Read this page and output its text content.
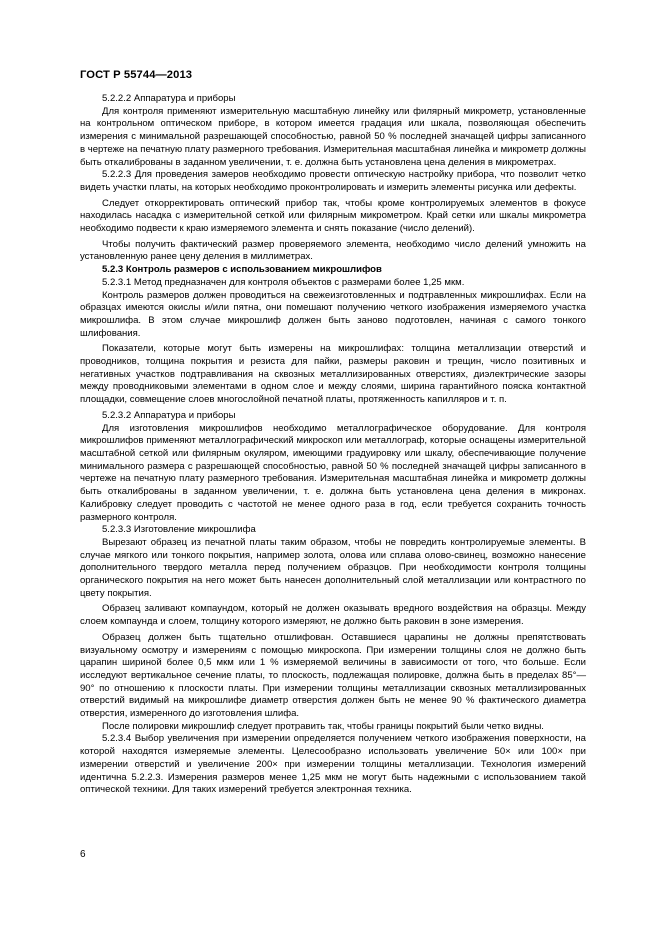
ГОСТ Р 55744—2013

5.2.2.2 Аппаратура и приборы

Для контроля применяют измерительную масштабную линейку или филярный микрометр, установленные на контрольном оптическом приборе, в котором имеется градация или шкала, позволяющая обеспечить измерения с минимальной разрешающей способностью, равной 50 % последней значащей цифры записанного в чертеже на печатную плату размерного требования. Измерительная масштабная линейка и микрометр должны быть откалиброваны в заданном увеличении, т. е. должна быть установлена цена деления в микрометрах.

5.2.2.3 Для проведения замеров необходимо провести оптическую настройку прибора, что позволит четко видеть участки платы, на которых необходимо проконтролировать и измерить элементы рисунка или дефекты.

Следует откорректировать оптический прибор так, чтобы кроме контролируемых элементов в фокусе находилась насадка с измерительной сеткой или филярным микрометром. Край сетки или шкалы микрометра необходимо подвести к краю измеряемого элемента и снять показание (число делений).

Чтобы получить фактический размер проверяемого элемента, необходимо число делений умножить на установленную ранее цену деления в миллиметрах.

5.2.3 Контроль размеров с использованием микрошлифов

5.2.3.1 Метод предназначен для контроля объектов с размерами более 1,25 мкм.

Контроль размеров должен проводиться на свежеизготовленных и подтравленных микрошлифах. Если на образцах имеются окислы и/или пятна, они помешают получению четкого изображения измеряемого участка микрошлифа. В этом случае микрошлиф должен быть заново подготовлен, начиная с самого тонкого шлифования.

Показатели, которые могут быть измерены на микрошлифах: толщина металлизации отверстий и проводников, толщина покрытия и резиста для пайки, размеры раковин и трещин, число позитивных и негативных участков подтравливания на сквозных металлизированных отверстиях, диэлектрические зазоры между проводниковыми элементами в одном слое и между слоями, ширина гарантийного пояска контактной площадки, совмещение слоев многослойной печатной платы, протяженность капилляров и т. п.

5.2.3.2 Аппаратура и приборы

Для изготовления микрошлифов необходимо металлографическое оборудование. Для контроля микрошлифов применяют металлографический микроскоп или металлограф, которые оснащены измерительной масштабной сеткой или филярным окуляром, имеющими градуировку или шкалу, обеспечивающие получение минимального размера с разрешающей способностью, равной 50 % последней значащей цифры записанного в чертеже на печатную плату размерного требования. Измерительная масштабная линейка и микрометр должны быть откалиброваны в заданном увеличении, т. е. должна быть установлена цена деления в микронах. Калибровку следует проводить с частотой не менее одного раза в год, если требуется сохранить точность размерного контроля.

5.2.3.3 Изготовление микрошлифа

Вырезают образец из печатной платы таким образом, чтобы не повредить контролируемые элементы. В случае мягкого или тонкого покрытия, например золота, олова или сплава олово-свинец, возможно нанесение дополнительного твердого металла перед получением образцов. При необходимости контроля толщины органического покрытия на него может быть нанесен дополнительный слой металлизации или контрастного по цвету покрытия.

Образец заливают компаундом, который не должен оказывать вредного воздействия на образцы. Между слоем компаунда и слоем, толщину которого измеряют, не должно быть раковин в зоне измерения.

Образец должен быть тщательно отшлифован. Оставшиеся царапины не должны препятствовать визуальному осмотру и измерениям с помощью микроскопа. При измерении толщины слоя не должно быть царапин шириной более 0,5 мкм или 1 % измеряемой величины в зависимости от того, что больше. Если исследуют вертикальное сечение платы, то плоскость, подлежащая полировке, должна быть в пределах 85°—90° по отношению к плоскости платы. При измерении толщины металлизации сквозных металлизированных отверстий видимый на микрошлифе диаметр отверстия должен быть не менее 90 % фактического диаметра отверстия, измеренного до изготовления шлифа.

После полировки микрошлиф следует протравить так, чтобы границы покрытий были четко видны.

5.2.3.4 Выбор увеличения при измерении определяется получением четкого изображения поверхности, на которой находятся измеряемые элементы. Целесообразно использовать увеличение 50× или 100× при измерении отверстий и увеличение 200× при измерении толщины металлизации. Технология измерений идентична 5.2.2.3. Измерения размеров менее 1,25 мкм не могут быть надежными с использованием такой оптической техники. Для таких измерений требуется электронная техника.

6
